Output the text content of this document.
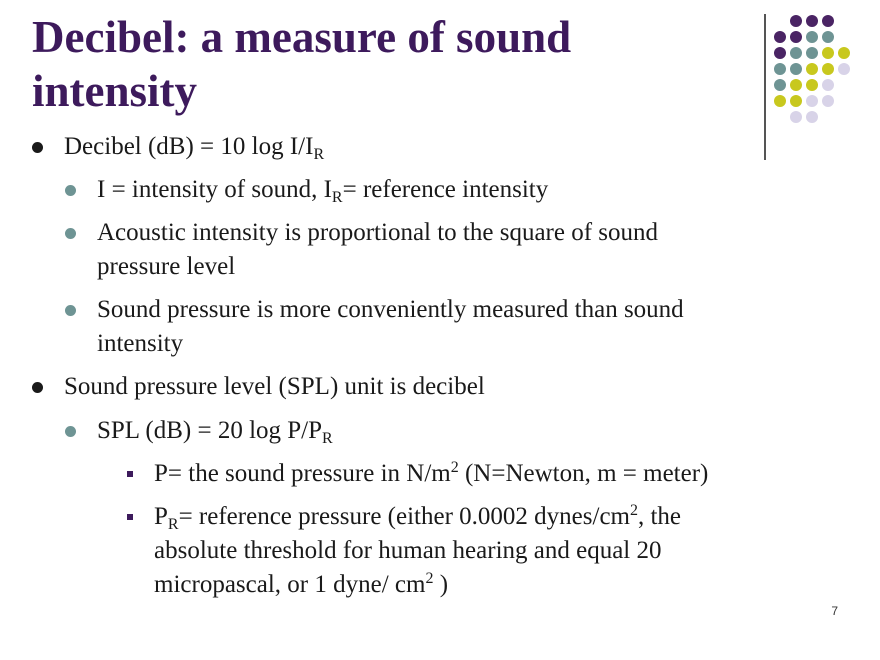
Decibel: a measure of sound intensity
Decibel (dB) = 10 $\log I/I_R$
I = intensity of sound, $I_R=$ reference intensity
Acoustic intensity is proportional to the square of sound
pressure level
Sound pressure is more conveniently measured than sound
intensity
Sound pressure level (SPL) unit is decibel
SPL (dB) = 20 $\log P/P_R$
P= the sound pressure in $N/m^2$ (N=Newton, m = meter)
$P_R=$ reference pressure (either 0.0002 dynes/$cm^2$, the
absolute threshold for human hearing and equal 20
micropascal, or 1 dyne/ $cm^2$ )
7
